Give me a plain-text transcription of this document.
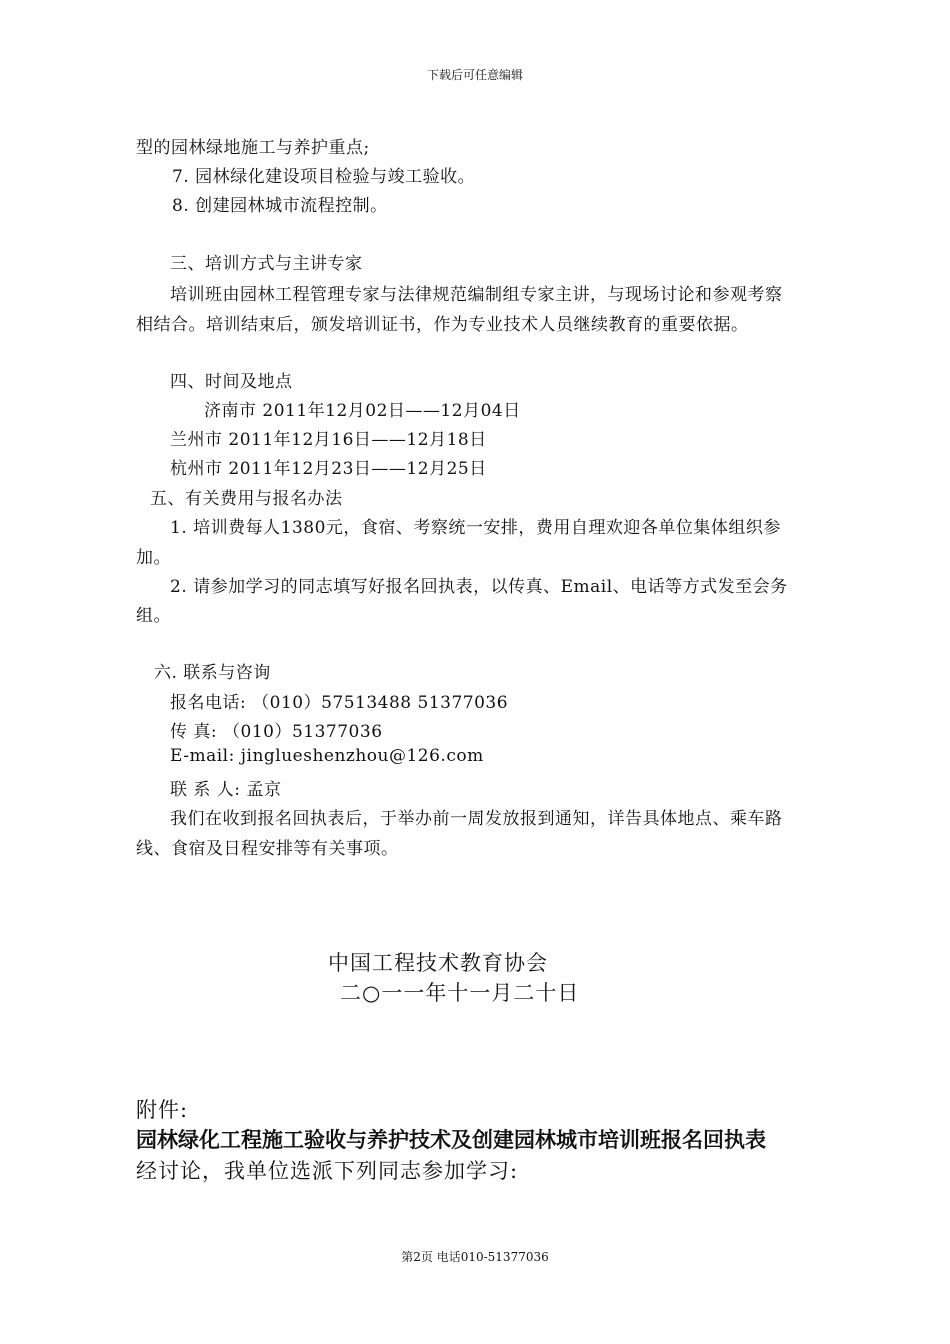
下载后可任意编辑
型的园林绿地施工与养护重点;
7. 园林绿化建设项目检验与竣工验收。
8. 创建园林城市流程控制。
三、培训方式与主讲专家
培训班由园林工程管理专家与法律规范编制组专家主讲，与现场讨论和参观考察
相结合。培训结束后，颁发培训证书，作为专业技术人员继续教育的重要依据。
四、时间及地点
济南市 2011年12月02日——12月04日
兰州市 2011年12月16日——12月18日
杭州市 2011年12月23日——12月25日
五、有关费用与报名办法
1. 培训费每人1380元，食宿、考察统一安排，费用自理欢迎各单位集体组织参
加。
2. 请参加学习的同志填写好报名回执表，以传真、Email、电话等方式发至会务
组。
六. 联系与咨询
报名电话: （010）57513488 51377036
传 真: （010）51377036
E-mail: jinglueshenzhou@126.com
联 系 人: 孟京
我们在收到报名回执表后，于举办前一周发放报到通知，详告具体地点、乘车路
线、食宿及日程安排等有关事项。
中国工程技术教育协会
二○一一年十一月二十日
附件:
园林绿化工程施工验收与养护技术及创建园林城市培训班报名回执表
经讨论，我单位选派下列同志参加学习:
第2页 电话010-51377036
